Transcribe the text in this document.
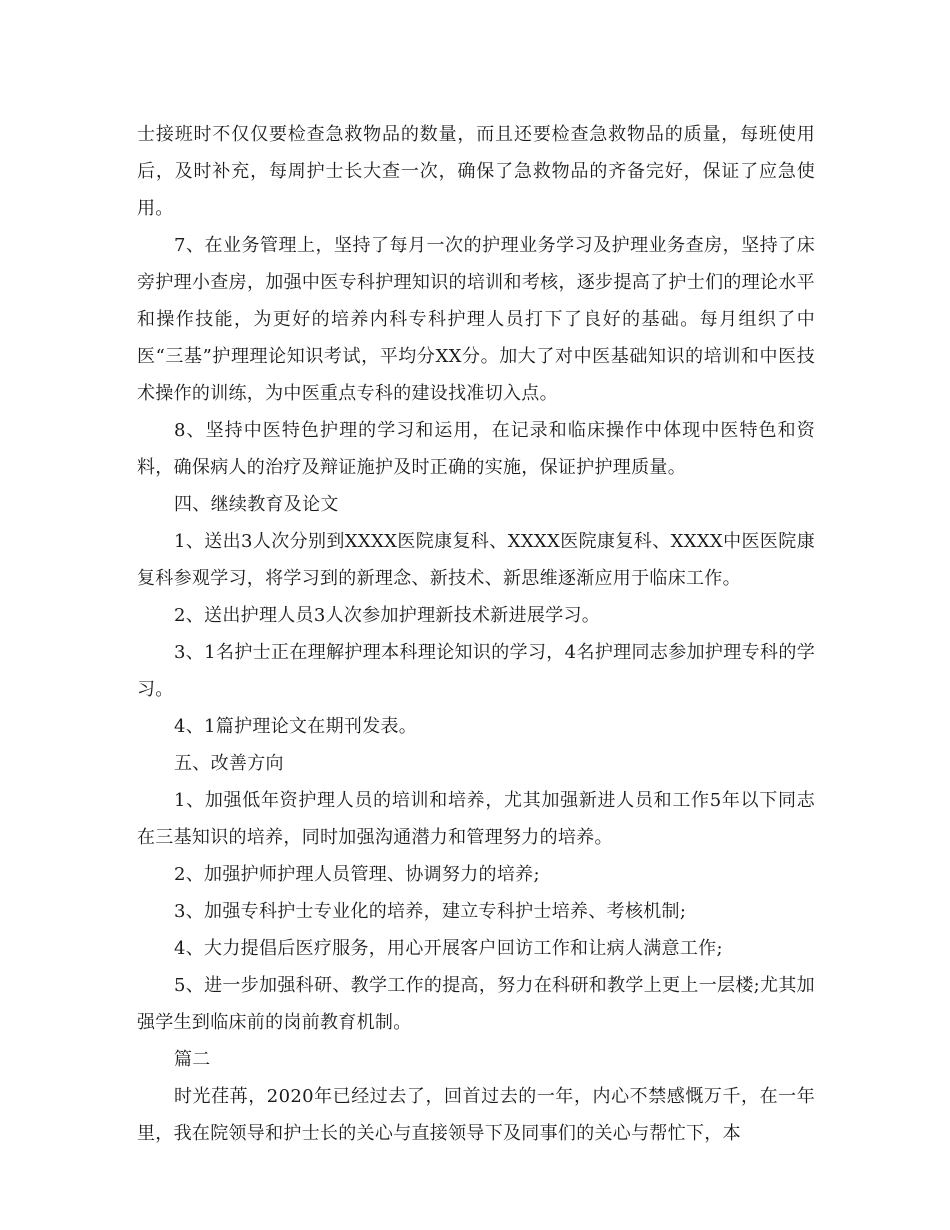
士接班时不仅仅要检查急救物品的数量，而且还要检查急救物品的质量，每班使用后，及时补充，每周护士长大查一次，确保了急救物品的齐备完好，保证了应急使用。

7、在业务管理上，坚持了每月一次的护理业务学习及护理业务查房，坚持了床旁护理小查房，加强中医专科护理知识的培训和考核，逐步提高了护士们的理论水平和操作技能，为更好的培养内科专科护理人员打下了良好的基础。每月组织了中医“三基”护理理论知识考试，平均分XX分。加大了对中医基础知识的培训和中医技术操作的训练，为中医重点专科的建设找准切入点。

8、坚持中医特色护理的学习和运用，在记录和临床操作中体现中医特色和资料，确保病人的治疗及辩证施护及时正确的实施，保证护护理质量。

四、继续教育及论文

1、送出3人次分别到XXXX医院康复科、XXXX医院康复科、XXXX中医医院康复科参观学习，将学习到的新理念、新技术、新思维逐渐应用于临床工作。

2、送出护理人员3人次参加护理新技术新进展学习。

3、1名护士正在理解护理本科理论知识的学习，4名护理同志参加护理专科的学习。

4、1篇护理论文在期刊发表。

五、改善方向

1、加强低年资护理人员的培训和培养，尤其加强新进人员和工作5年以下同志在三基知识的培养，同时加强沟通潜力和管理努力的培养。

2、加强护师护理人员管理、协调努力的培养;

3、加强专科护士专业化的培养，建立专科护士培养、考核机制;

4、大力提倡后医疗服务，用心开展客户回访工作和让病人满意工作;

5、进一步加强科研、教学工作的提高，努力在科研和教学上更上一层楼;尤其加强学生到临床前的岗前教育机制。

篇二

时光荏苒，2020年已经过去了，回首过去的一年，内心不禁感慨万千，在一年里，我在院领导和护士长的关心与直接领导下及同事们的关心与帮忙下，本
